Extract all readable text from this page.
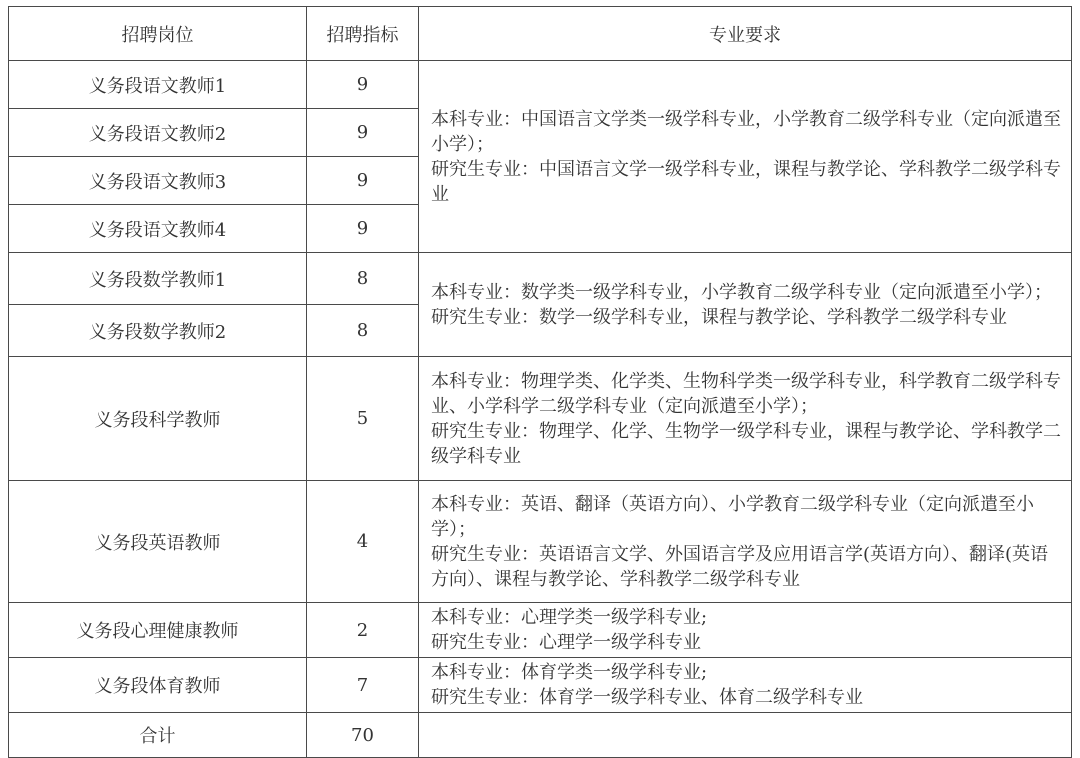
招聘岗位	招聘指标	专业要求
义务段语文教师1	9	本科专业：中国语言文学类一级学科专业，小学教育二级学科专业（定向派遣至小学）；
研究生专业：中国语言文学一级学科专业，课程与教学论、学科教学二级学科专业

义务段语文教师2	9	
义务段语文教师3	9	
义务段语文教师4	9	
义务段数学教师1	8	本科专业：数学类一级学科专业，小学教育二级学科专业（定向派遣至小学）；
研究生专业：数学一级学科专业，课程与教学论、学科教学二级学科专业

义务段数学教师2	8	
义务段科学教师	5	本科专业：物理学类、化学类、生物科学类一级学科专业，科学教育二级学科专业、小学科学二级学科专业（定向派遣至小学）；
研究生专业：物理学、化学、生物学一级学科专业，课程与教学论、学科教学二级学科专业

义务段英语教师	4	本科专业：英语、翻译（英语方向）、小学教育二级学科专业（定向派遣至小学）；
研究生专业：英语语言文学、外国语言学及应用语言学(英语方向）、翻译(英语方向）、课程与教学论、学科教学二级学科专业

义务段心理健康教师	2	本科专业：心理学类一级学科专业;
研究生专业：心理学一级学科专业

义务段体育教师	7	本科专业：体育学类一级学科专业;
研究生专业：体育学一级学科专业、体育二级学科专业

合计	70	
